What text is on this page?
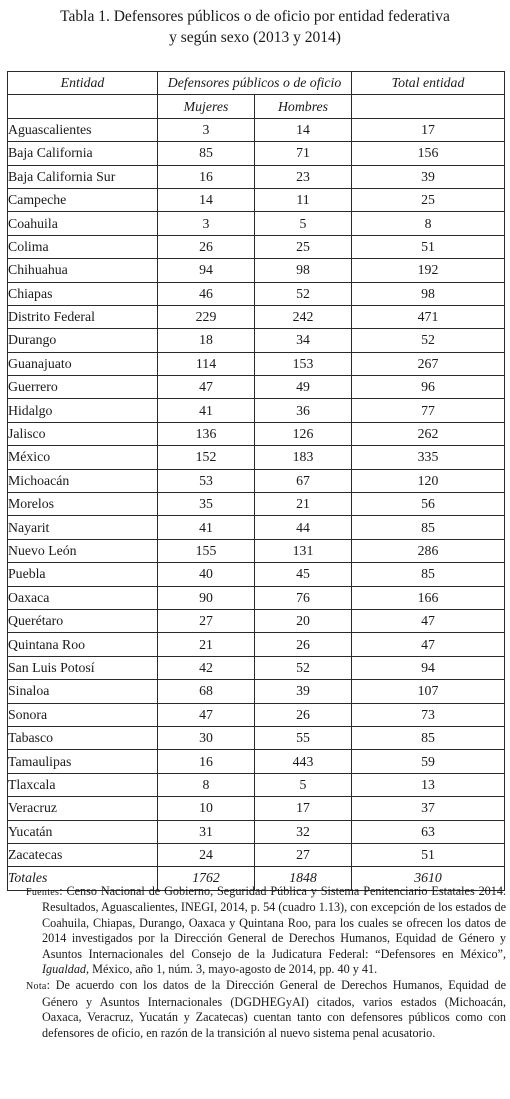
Tabla 1. Defensores públicos o de oficio por entidad federativa
y según sexo (2013 y 2014)
Entidad	Defensores públicos o de oficio		Total entidad
	Mujeres	Hombres	
Aguascalientes	3	14	17
Baja California	85	71	156
Baja California Sur	16	23	39
Campeche	14	11	25
Coahuila	3	5	8
Colima	26	25	51
Chihuahua	94	98	192
Chiapas	46	52	98
Distrito Federal	229	242	471
Durango	18	34	52
Guanajuato	114	153	267
Guerrero	47	49	96
Hidalgo	41	36	77
Jalisco	136	126	262
México	152	183	335
Michoacán	53	67	120
Morelos	35	21	56
Nayarit	41	44	85
Nuevo León	155	131	286
Puebla	40	45	85
Oaxaca	90	76	166
Querétaro	27	20	47
Quintana Roo	21	26	47
San Luis Potosí	42	52	94
Sinaloa	68	39	107
Sonora	47	26	73
Tabasco	30	55	85
Tamaulipas	16	443	59
Tlaxcala	8	5	13
Veracruz	10	17	37
Yucatán	31	32	63
Zacatecas	24	27	51
Totales	1762	1848	3610

Fuentes: Censo Nacional de Gobierno, Seguridad Pública y Sistema Penitenciario Estatales 2014. Resultados, Aguascalientes, INEGI, 2014, p. 54 (cuadro 1.13), con excepción de los estados de Coahuila, Chiapas, Durango, Oaxaca y Quintana Roo, para los cuales se ofrecen los datos de 2014 investigados por la Dirección General de Derechos Humanos, Equidad de Género y Asuntos Internacionales del Consejo de la Judicatura Federal: “Defensores en México”, Igualdad, México, año 1, núm. 3, mayo-agosto de 2014, pp. 40 y 41.

Nota: De acuerdo con los datos de la Dirección General de Derechos Humanos, Equidad de Género y Asuntos Internacionales (DGDHEGyAI) citados, varios estados (Michoacán, Oaxaca, Veracruz, Yucatán y Zacatecas) cuentan tanto con defensores públicos como con defensores de oficio, en razón de la transición al nuevo sistema penal acusatorio.
